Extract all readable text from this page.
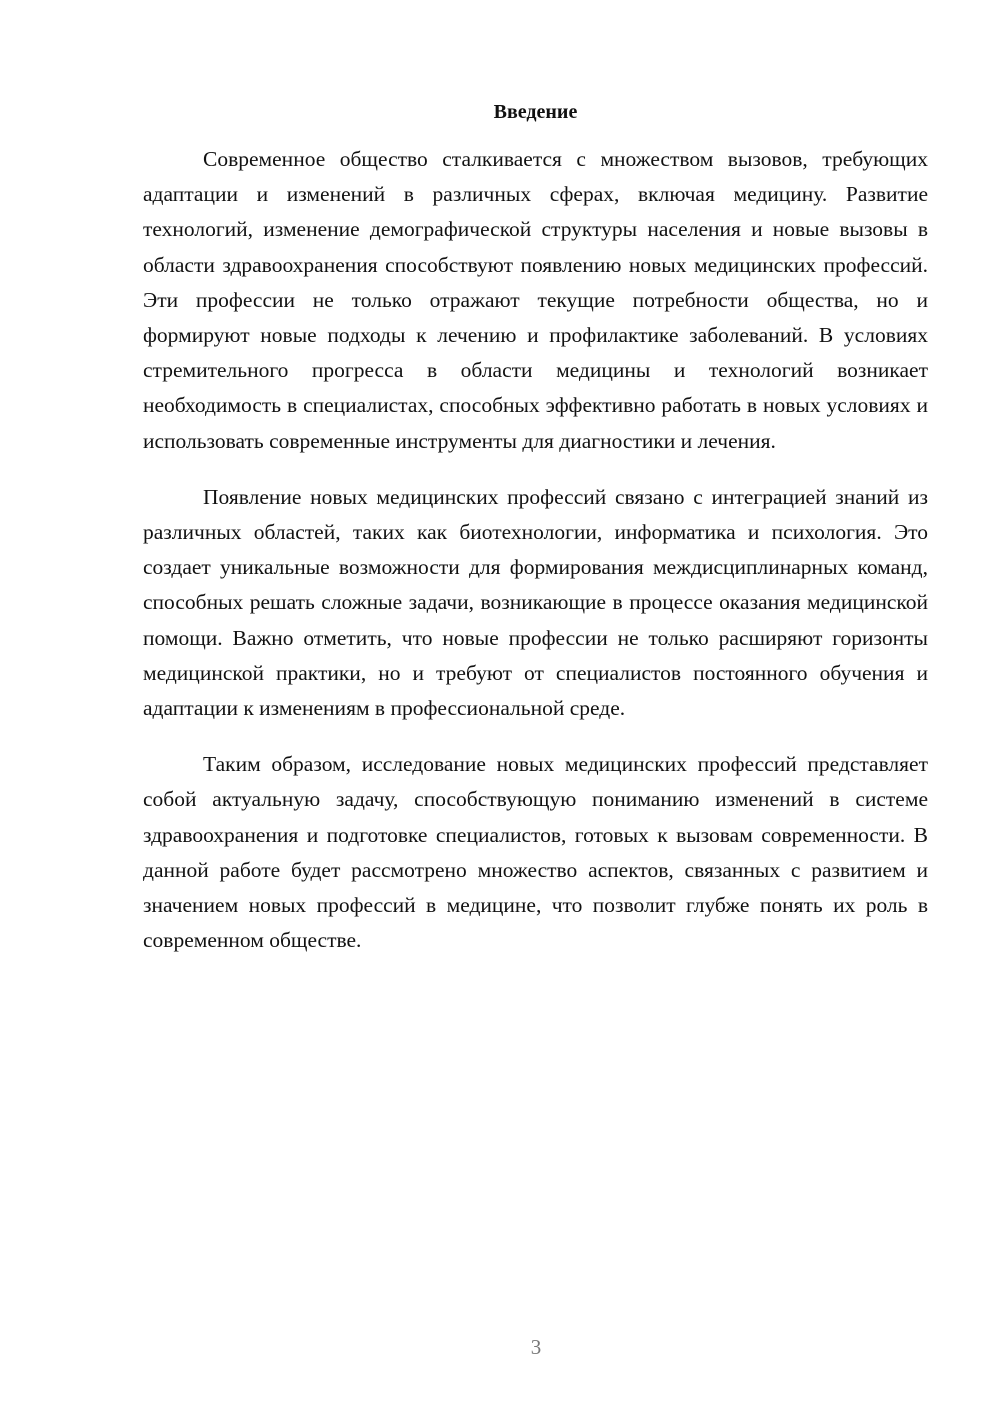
Введение

Современное общество сталкивается с множеством вызовов, требующих адаптации и изменений в различных сферах, включая медицину. Развитие технологий, изменение демографической структуры населения и новые вызовы в области здравоохранения способствуют появлению новых медицинских профессий. Эти профессии не только отражают текущие потребности общества, но и формируют новые подходы к лечению и профилактике заболеваний. В условиях стремительного прогресса в области медицины и технологий возникает необходимость в специалистах, способных эффективно работать в новых условиях и использовать современные инструменты для диагностики и лечения.

Появление новых медицинских профессий связано с интеграцией знаний из различных областей, таких как биотехнологии, информатика и психология. Это создает уникальные возможности для формирования междисциплинарных команд, способных решать сложные задачи, возникающие в процессе оказания медицинской помощи. Важно отметить, что новые профессии не только расширяют горизонты медицинской практики, но и требуют от специалистов постоянного обучения и адаптации к изменениям в профессиональной среде.

Таким образом, исследование новых медицинских профессий представляет собой актуальную задачу, способствующую пониманию изменений в системе здравоохранения и подготовке специалистов, готовых к вызовам современности. В данной работе будет рассмотрено множество аспектов, связанных с развитием и значением новых профессий в медицине, что позволит глубже понять их роль в современном обществе.

3
